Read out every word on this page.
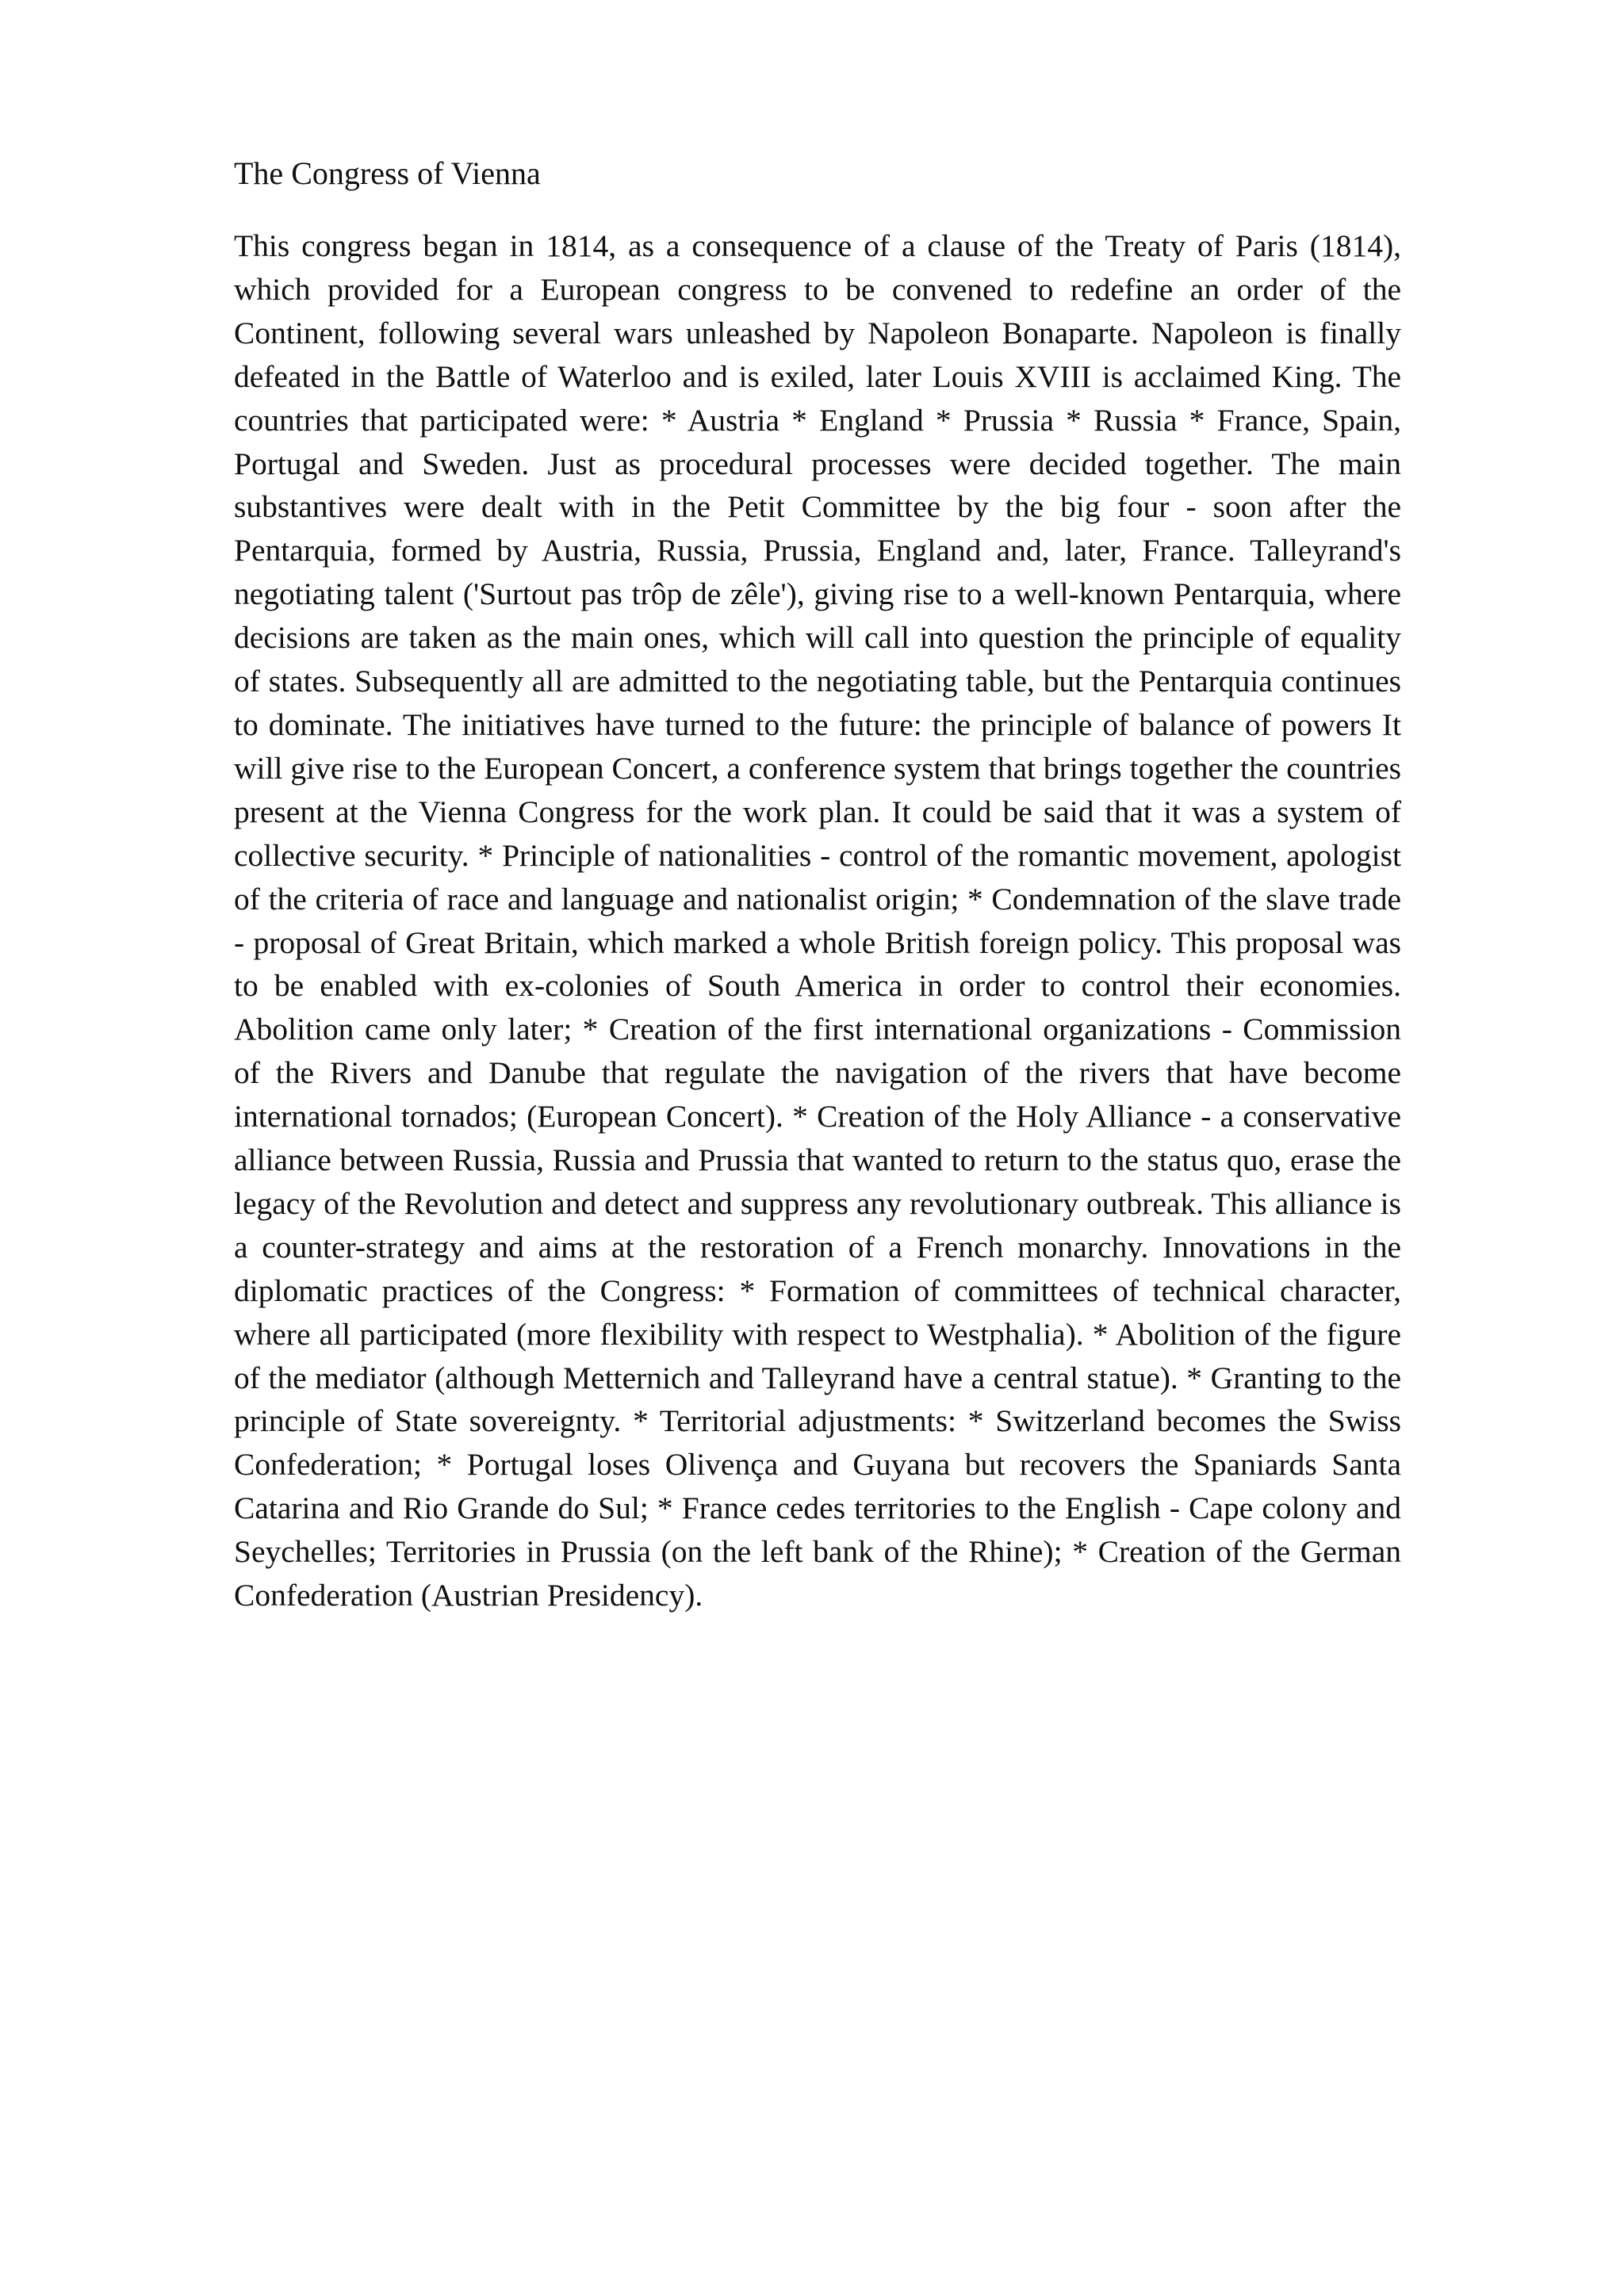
The Congress of Vienna

This congress began in 1814, as a consequence of a clause of the Treaty of Paris (1814), which provided for a European congress to be convened to redefine an order of the Continent, following several wars unleashed by Napoleon Bonaparte. Napoleon is finally defeated in the Battle of Waterloo and is exiled, later Louis XVIII is acclaimed King. The countries that participated were: * Austria * England * Prussia * Russia * France, Spain, Portugal and Sweden. Just as procedural processes were decided together. The main substantives were dealt with in the Petit Committee by the big four - soon after the Pentarquia, formed by Austria, Russia, Prussia, England and, later, France. Talleyrand's negotiating talent ('Surtout pas trôp de zêle'), giving rise to a well-known Pentarquia, where decisions are taken as the main ones, which will call into question the principle of equality of states. Subsequently all are admitted to the negotiating table, but the Pentarquia continues to dominate. The initiatives have turned to the future: the principle of balance of powers It will give rise to the European Concert, a conference system that brings together the countries present at the Vienna Congress for the work plan. It could be said that it was a system of collective security. * Principle of nationalities - control of the romantic movement, apologist of the criteria of race and language and nationalist origin; * Condemnation of the slave trade - proposal of Great Britain, which marked a whole British foreign policy. This proposal was to be enabled with ex-colonies of South America in order to control their economies. Abolition came only later; * Creation of the first international organizations - Commission of the Rivers and Danube that regulate the navigation of the rivers that have become international tornados; (European Concert). * Creation of the Holy Alliance - a conservative alliance between Russia, Russia and Prussia that wanted to return to the status quo, erase the legacy of the Revolution and detect and suppress any revolutionary outbreak. This alliance is a counter-strategy and aims at the restoration of a French monarchy. Innovations in the diplomatic practices of the Congress: * Formation of committees of technical character, where all participated (more flexibility with respect to Westphalia). * Abolition of the figure of the mediator (although Metternich and Talleyrand have a central statue). * Granting to the principle of State sovereignty. * Territorial adjustments: * Switzerland becomes the Swiss Confederation; * Portugal loses Olivença and Guyana but recovers the Spaniards Santa Catarina and Rio Grande do Sul; * France cedes territories to the English - Cape colony and Seychelles; Territories in Prussia (on the left bank of the Rhine); * Creation of the German Confederation (Austrian Presidency).
